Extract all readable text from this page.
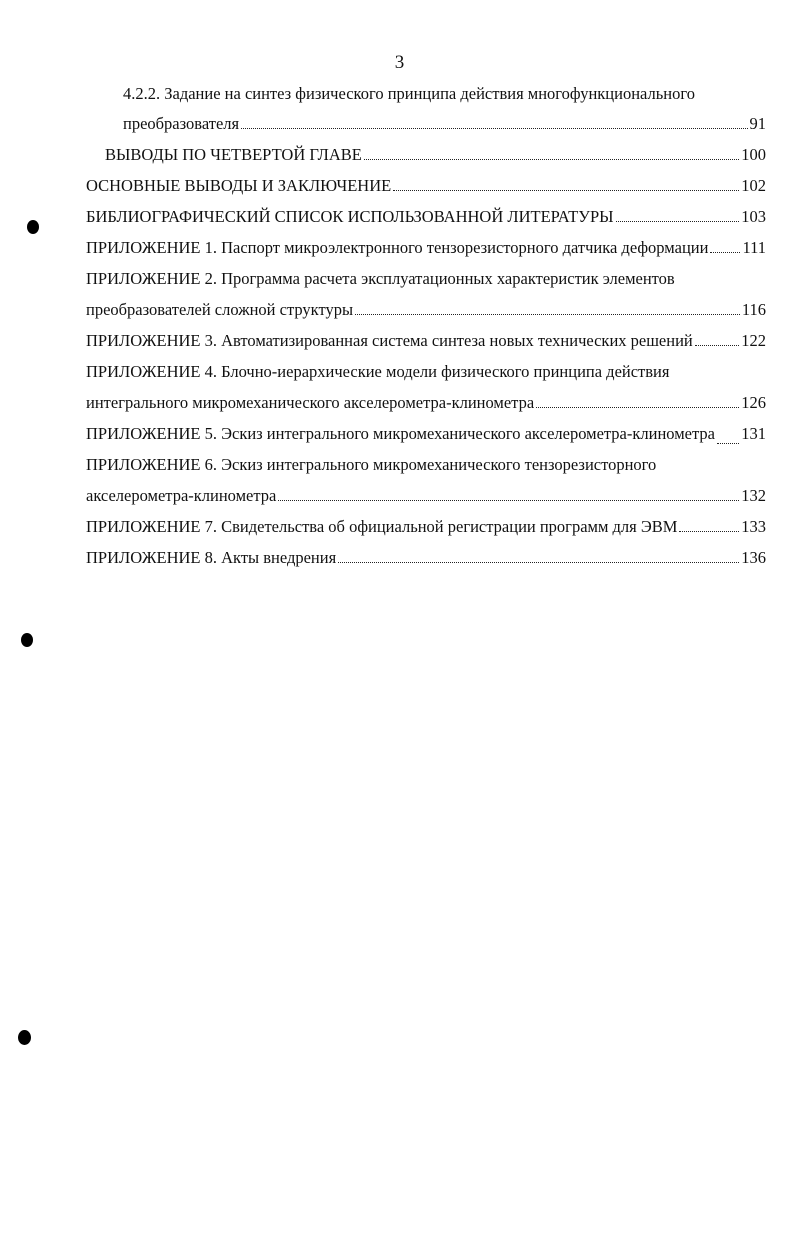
3
4.2.2. Задание на синтез физического принципа действия многофункционального
преобразователя	91
ВЫВОДЫ ПО ЧЕТВЕРТОЙ ГЛАВЕ	100
ОСНОВНЫЕ ВЫВОДЫ И ЗАКЛЮЧЕНИЕ	102
БИБЛИОГРАФИЧЕСКИЙ СПИСОК ИСПОЛЬЗОВАННОЙ ЛИТЕРАТУРЫ	103
ПРИЛОЖЕНИЕ 1. Паспорт микроэлектронного тензорезисторного датчика деформации 111
ПРИЛОЖЕНИЕ 2. Программа расчета эксплуатационных характеристик элементов
преобразователей сложной структуры	116
ПРИЛОЖЕНИЕ 3. Автоматизированная система синтеза новых технических решений	122
ПРИЛОЖЕНИЕ 4. Блочно-иерархические модели физического принципа действия
интегрального микромеханического акселерометра-клинометра	126
ПРИЛОЖЕНИЕ 5. Эскиз интегрального микромеханического акселерометра-клинометра 131
ПРИЛОЖЕНИЕ 6. Эскиз интегрального микромеханического тензорезисторного
акселерометра-клинометра	132
ПРИЛОЖЕНИЕ 7. Свидетельства об официальной регистрации программ для ЭВМ	133
ПРИЛОЖЕНИЕ 8. Акты внедрения	136
